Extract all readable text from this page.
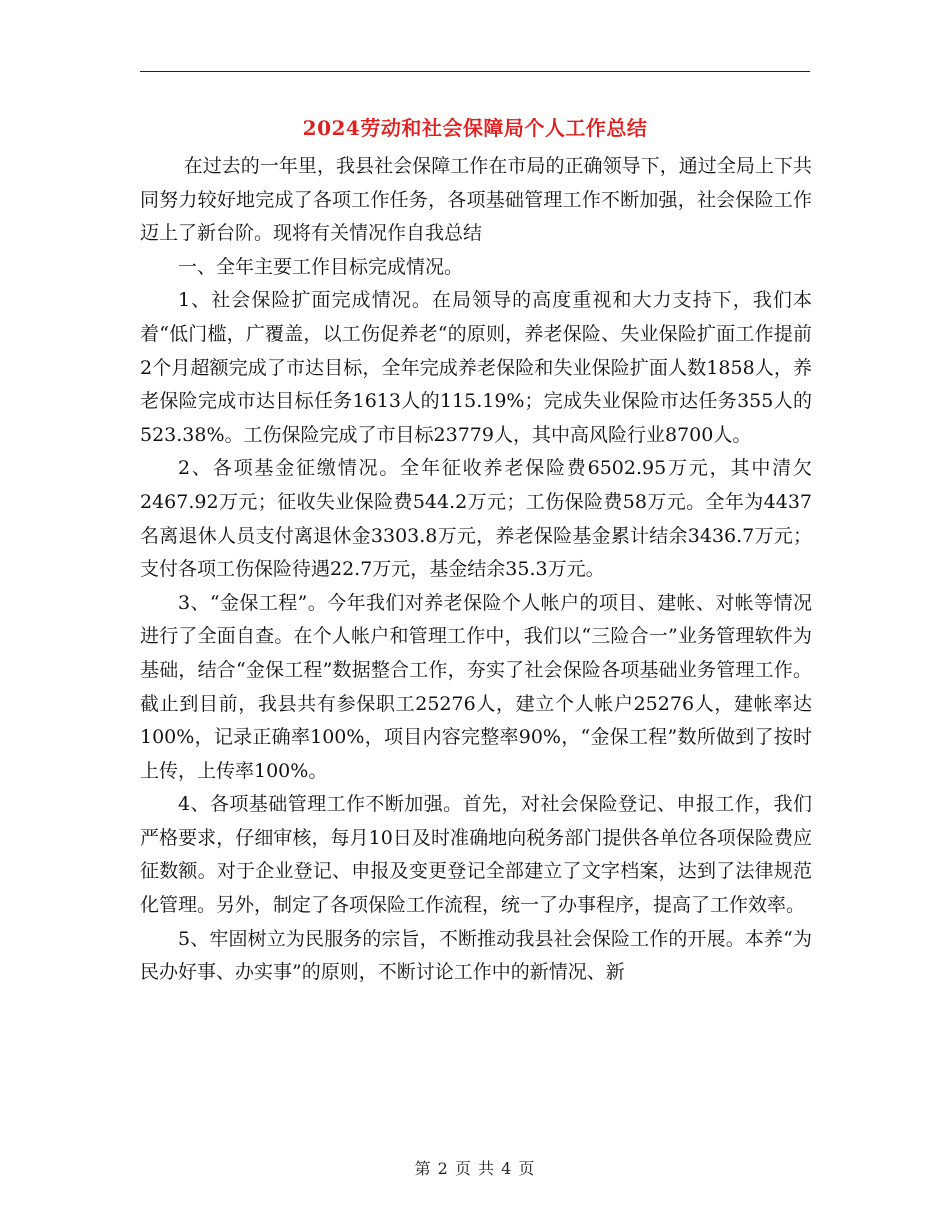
2024劳动和社会保障局个人工作总结

在过去的一年里，我县社会保障工作在市局的正确领导下，通过全局上下共同努力较好地完成了各项工作任务，各项基础管理工作不断加强，社会保险工作迈上了新台阶。现将有关情况作自我总结

一、全年主要工作目标完成情况。

1、社会保险扩面完成情况。在局领导的高度重视和大力支持下，我们本着“低门槛，广覆盖，以工伤促养老“的原则，养老保险、失业保险扩面工作提前2个月超额完成了市达目标，全年完成养老保险和失业保险扩面人数1858人，养老保险完成市达目标任务1613人的115.19%；完成失业保险市达任务355人的523.38%。工伤保险完成了市目标23779人，其中高风险行业8700人。

2、各项基金征缴情况。全年征收养老保险费6502.95万元，其中清欠2467.92万元；征收失业保险费544.2万元；工伤保险费58万元。全年为4437名离退休人员支付离退休金3303.8万元，养老保险基金累计结余3436.7万元；支付各项工伤保险待遇22.7万元，基金结余35.3万元。

3、“金保工程”。今年我们对养老保险个人帐户的项目、建帐、对帐等情况进行了全面自查。在个人帐户和管理工作中，我们以“三险合一”业务管理软件为基础，结合“金保工程”数据整合工作，夯实了社会保险各项基础业务管理工作。截止到目前，我县共有参保职工25276人，建立个人帐户25276人，建帐率达100%，记录正确率100%，项目内容完整率90%，“金保工程”数所做到了按时上传，上传率100%。

4、各项基础管理工作不断加强。首先，对社会保险登记、申报工作，我们严格要求，仔细审核，每月10日及时准确地向税务部门提供各单位各项保险费应征数额。对于企业登记、申报及变更登记全部建立了文字档案，达到了法律规范化管理。另外，制定了各项保险工作流程，统一了办事程序，提高了工作效率。

5、牢固树立为民服务的宗旨，不断推动我县社会保险工作的开展。本养“为民办好事、办实事”的原则，不断讨论工作中的新情况、新

第 2 页 共 4 页
